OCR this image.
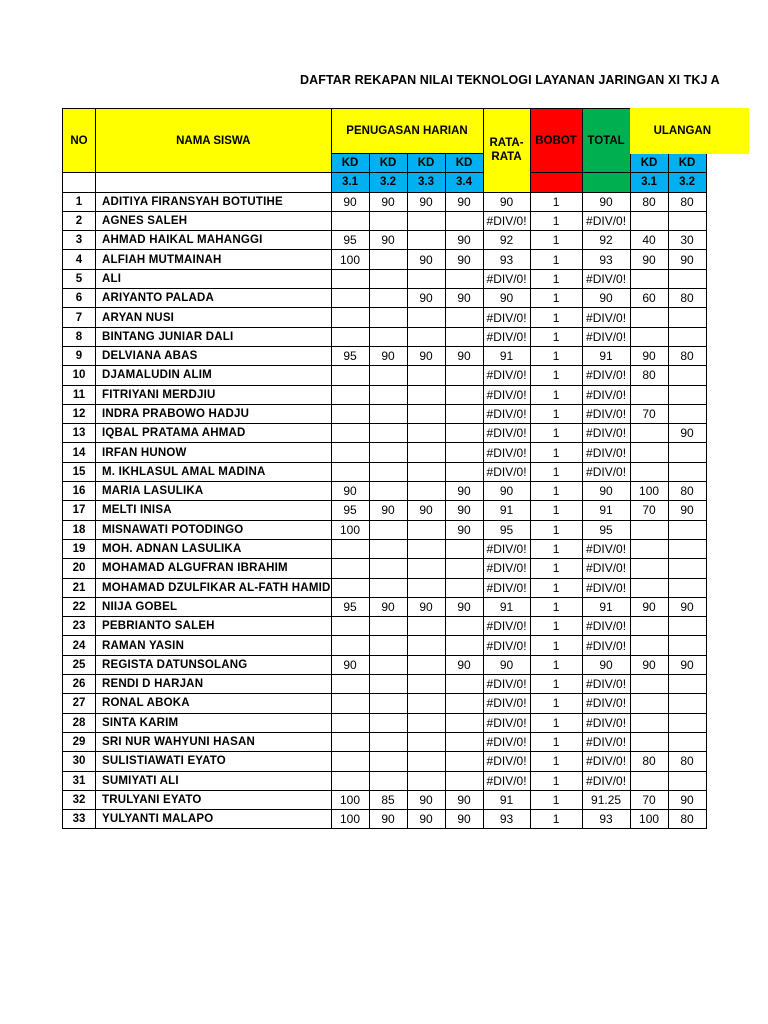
DAFTAR REKAPAN NILAI TEKNOLOGI LAYANAN JARINGAN XI TKJ A
NO	NAMA SISWA	PENUGASAN HARIAN				RATA-RATA	BOBOT	TOTAL	ULANGAN	

		KD	KD	KD	KD				KD	KD
		3.1	3.2	3.3	3.4				3.1	3.2
1	ADITIYA FIRANSYAH BOTUTIHE	90	90	90	90	90	1	90	80	80
2	AGNES SALEH					#DIV/0!	1	#DIV/0!		
3	AHMAD HAIKAL MAHANGGI	95	90		90	92	1	92	40	30
4	ALFIAH MUTMAINAH	100		90	90	93	1	93	90	90
5	ALI					#DIV/0!	1	#DIV/0!		
6	ARIYANTO PALADA			90	90	90	1	90	60	80
7	ARYAN NUSI					#DIV/0!	1	#DIV/0!		
8	BINTANG JUNIAR DALI					#DIV/0!	1	#DIV/0!		
9	DELVIANA ABAS	95	90	90	90	91	1	91	90	80
10	DJAMALUDIN ALIM					#DIV/0!	1	#DIV/0!	80	
11	FITRIYANI MERDJIU					#DIV/0!	1	#DIV/0!		
12	INDRA PRABOWO HADJU					#DIV/0!	1	#DIV/0!	70	
13	IQBAL PRATAMA AHMAD					#DIV/0!	1	#DIV/0!		90
14	IRFAN HUNOW					#DIV/0!	1	#DIV/0!		
15	M. IKHLASUL AMAL MADINA					#DIV/0!	1	#DIV/0!		
16	MARIA LASULIKA	90			90	90	1	90	100	80
17	MELTI INISA	95	90	90	90	91	1	91	70	90
18	MISNAWATI POTODINGO	100			90	95	1	95		
19	MOH. ADNAN LASULIKA					#DIV/0!	1	#DIV/0!		
20	MOHAMAD ALGUFRAN IBRAHIM					#DIV/0!	1	#DIV/0!		
21	MOHAMAD DZULFIKAR AL-FATH HAMID					#DIV/0!	1	#DIV/0!		
22	NIIJA GOBEL	95	90	90	90	91	1	91	90	90
23	PEBRIANTO SALEH					#DIV/0!	1	#DIV/0!		
24	RAMAN YASIN					#DIV/0!	1	#DIV/0!		
25	REGISTA DATUNSOLANG	90			90	90	1	90	90	90
26	RENDI D HARJAN					#DIV/0!	1	#DIV/0!		
27	RONAL ABOKA					#DIV/0!	1	#DIV/0!		
28	SINTA KARIM					#DIV/0!	1	#DIV/0!		
29	SRI NUR WAHYUNI HASAN					#DIV/0!	1	#DIV/0!		
30	SULISTIAWATI EYATO					#DIV/0!	1	#DIV/0!	80	80
31	SUMIYATI ALI					#DIV/0!	1	#DIV/0!		
32	TRULYANI EYATO	100	85	90	90	91	1	91.25	70	90
33	YULYANTI MALAPO	100	90	90	90	93	1	93	100	80
